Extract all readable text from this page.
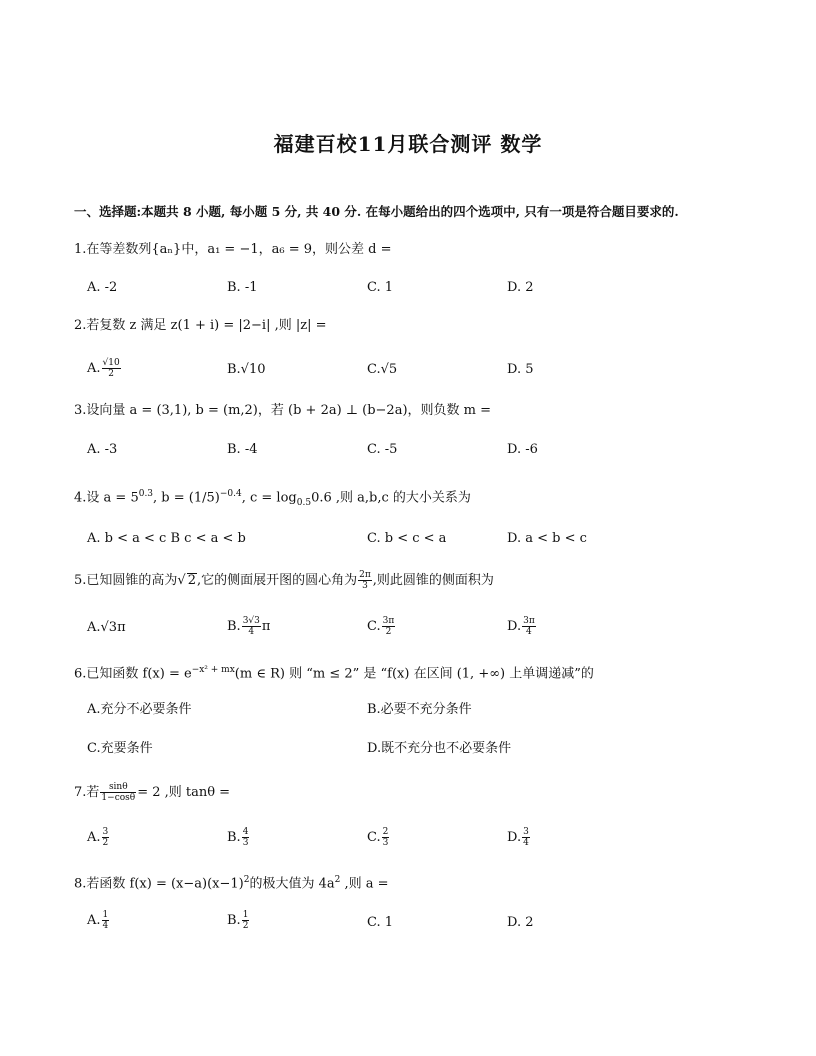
福建百校11月联合测评 数学
一、选择题:本题共 8 小题, 每小题 5 分, 共 40 分. 在每小题给出的四个选项中, 只有一项是符合题目要求的.
1.在等差数列{aₙ}中，a₁ = −1，a₆ = 9，则公差 d =
A. -2	B. -1	C. 1	D. 2
2.若复数 z 满足 z(1 + i) = |2−i| ,则 |z| =
A. $\frac{√10}{2}$	B.√10	C.√5	D. 5
3.设向量 a = (3,1), b = (m,2)，若 (b + 2a) ⊥ (b−2a)，则负数 m =
A. -3	B. -4	C. -5	D. -6
4.设 $a = 5^{0.3}$, $b = (1/5)^{-0.4}$, $c = \log_{0.5}0.6$ ,则 a,b,c 的大小关系为
A. b < a < c B c < a < b	C. b < c < a	D. a < b < c
5.已知圆锥的高为√ 2,它的侧面展开图的圆心角为 $\frac{2\pi}{3}$ ,则此圆锥的侧面积为
A.√3π	B. $\frac{3√3}{4}$ π	C. $\frac{3\pi}{2}$	D. $\frac{3\pi}{4}$
6.已知函数 $f(x) = e^{-x^2 + mx}(m$ ∈ R) 则 “m ≤ 2” 是 “f(x) 在区间 (1, +∞) 上单调递减”的
A.充分不必要条件	B.必要不充分条件
C.充要条件	D.既不充分也不必要条件
7.若 $\frac{\sin\theta}{1-\cos\theta} = 2$ ,则 tanθ =
A. $\frac{3}{2}$	B. $\frac{4}{3}$	C. $\frac{2}{3}$	D. $\frac{3}{4}$
8.若函数 $f(x) = (x-a)(x-1)^2$的极大值为 $4a^2$ ,则 a =
A. $\frac{1}{4}$	B. $\frac{1}{2}$	C. 1	D. 2
